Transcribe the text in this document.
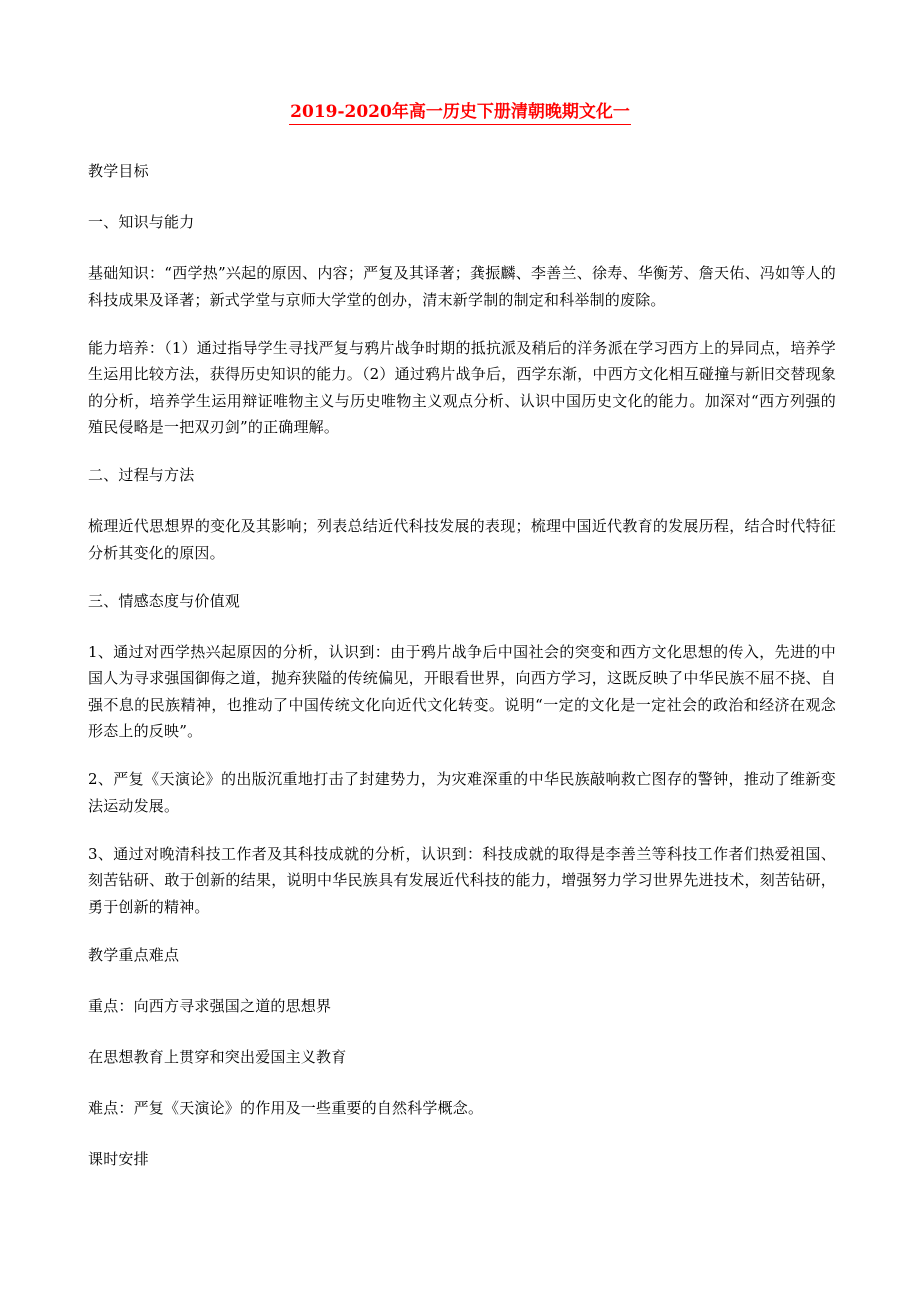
2019-2020年高一历史下册清朝晚期文化一
教学目标
一、知识与能力
基础知识：“西学热”兴起的原因、内容；严复及其译著；龚振麟、李善兰、徐寿、华衡芳、詹天佑、冯如等人的科技成果及译著；新式学堂与京师大学堂的创办，清末新学制的制定和科举制的废除。
能力培养：（1）通过指导学生寻找严复与鸦片战争时期的抵抗派及稍后的洋务派在学习西方上的异同点，培养学生运用比较方法，获得历史知识的能力。（2）通过鸦片战争后，西学东渐，中西方文化相互碰撞与新旧交替现象的分析，培养学生运用辩证唯物主义与历史唯物主义观点分析、认识中国历史文化的能力。加深对“西方列强的殖民侵略是一把双刃剑”的正确理解。
二、过程与方法
梳理近代思想界的变化及其影响；列表总结近代科技发展的表现；梳理中国近代教育的发展历程，结合时代特征分析其变化的原因。
三、情感态度与价值观
1、通过对西学热兴起原因的分析，认识到：由于鸦片战争后中国社会的突变和西方文化思想的传入，先进的中国人为寻求强国御侮之道，抛弃狭隘的传统偏见，开眼看世界，向西方学习，这既反映了中华民族不屈不挠、自强不息的民族精神，也推动了中国传统文化向近代文化转变。说明“一定的文化是一定社会的政治和经济在观念形态上的反映”。
2、严复《天演论》的出版沉重地打击了封建势力，为灾难深重的中华民族敲响救亡图存的警钟，推动了维新变法运动发展。
3、通过对晚清科技工作者及其科技成就的分析，认识到：科技成就的取得是李善兰等科技工作者们热爱祖国、刻苦钻研、敢于创新的结果，说明中华民族具有发展近代科技的能力，增强努力学习世界先进技术，刻苦钻研，勇于创新的精神。
教学重点难点
重点：向西方寻求强国之道的思想界
在思想教育上贯穿和突出爱国主义教育
难点：严复《天演论》的作用及一些重要的自然科学概念。
课时安排
